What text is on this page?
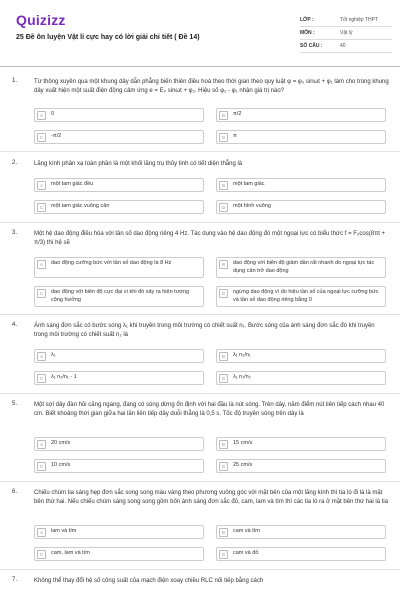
Quizizz
25 Đề ôn luyện Vật lí cực hay có lời giải chi tiết ( Đề 14)
LỚP :	Tốt nghiệp THPT
MÔN :	Vật lý
SỐ CÂU :	40
1.	Từ thông xuyên qua một khung dây dẫn phẳng biến thiên điều hoà theo thời gian theo quy luật φ = φ₀ sinωt + φ₁ làm cho trong khung dây xuất hiện một suất điện động cảm ứng e = E₀ sinωt + φ₂. Hiệu số φ₂ - φ₁ nhận giá trị nào?
A	0	B	π/2
C	-π/2	D	π
2.	Lăng kính phản xạ toàn phần là một khối lăng trụ thủy tinh có tiết diện thẳng là
A	một tam giác đều	B	một tam giác
C	một tam giác vuông cân	D	một hình vuông
3.	Một hệ dao động điều hòa với tần số dao động riêng 4 Hz. Tác dụng vào hệ dao động đó một ngoại lực có biểu thức f = F₀cos(8πt + π/3) thì hệ sẽ
A	dao động cưỡng bức với tần số dao động là 8 Hz	B	dao động với biên độ giảm dần rất nhanh do ngoại lực tác dụng cản trở dao động
C	dao động với biên độ cực đại vì khi đó xảy ra hiện tượng cộng hưởng
D	ngừng dao động vì do hiệu tần số của ngoại lực cưỡng bức và tần số dao động riêng bằng 0
4.	Ánh sáng đơn sắc có bước sóng λ₁ khi truyền trong môi trường có chiết suất n₁. Bước sóng của ánh sáng đơn sắc đó khi truyền trong môi trường có chiết suất n₂ là
A	λ₁	B	λ₁ n₂/n₁
C	λ₁ n₂/n₁ - 1	D	λ₁ n₁/n₂
5.	Một sợi dây đàn hồi căng ngang, đang có sóng dừng ổn định với hai đầu là nút sóng. Trên dây, năm điểm nút liên tiếp cách nhau 40 cm. Biết khoảng thời gian giữa hai lần liên tiếp dây duỗi thẳng là 0,5 s. Tốc độ truyền sóng trên dây là
A	20 cm/s	B	15 cm/s
C	10 cm/s	D	25 cm/s
6.	Chiếu chùm tia sáng hẹp đơn sắc song song màu vàng theo phương vuông góc với mặt bên của một lăng kính thì tia ló đi là là mặt bên thứ hai. Nếu chiếu chùm sáng song song gồm bốn ánh sáng đơn sắc đỏ, cam, lam và tím thì các tia ló ra ở mặt bên thứ hai là tia
A	lam và tím	B	cam và tím
C	cam, lam và tím	D	cam và đỏ
7.	Không thể thay đổi hệ số công suất của mạch điện xoay chiều RLC nối tiếp bằng cách
